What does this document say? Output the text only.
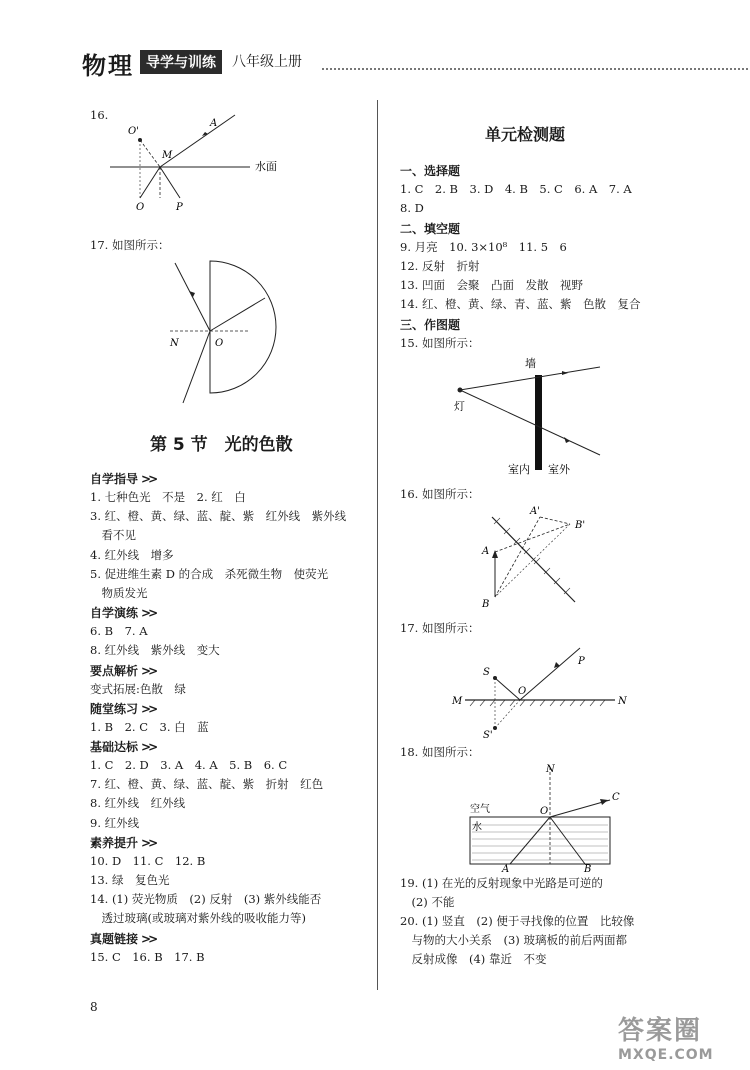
物理 导学与训练	八年级上册
16.
O'
A
M
水面
O	P
17. 如图所示：
N	O
第 5 节　光的色散
自学指导 >>
1. 七种色光　不是　2. 红　白
3. 红、橙、黄、绿、蓝、靛、紫　红外线　紫外线
　看不见
4. 红外线　增多
5. 促进维生素 D 的合成　杀死微生物　使荧光
　物质发光
自学演练 >>
6. B　7. A
8. 红外线　紫外线　变大
要点解析 >>
变式拓展:色散　绿
随堂练习 >>
1. B　2. C　3. 白　蓝
基础达标 >>
1. C　2. D　3. A　4. A　5. B　6. C
7. 红、橙、黄、绿、蓝、靛、紫　折射　红色
8. 红外线　红外线
9. 红外线
素养提升 >>
10. D　11. C　12. B
13. 绿　复色光
14. (1) 荧光物质　(2) 反射　(3) 紫外线能否
　透过玻璃(或玻璃对紫外线的吸收能力等)
真题链接 >>
15. C　16. B　17. B
8
单元检测题
一、选择题
1. C　2. B　3. D　4. B　5. C　6. A　7. A
8. D
二、填空题
9. 月亮　10. 3×10⁸　11. 5　6
12. 反射　折射
13. 凹面　会聚　凸面　发散　视野
14. 红、橙、黄、绿、青、蓝、紫　色散　复合
三、作图题
15. 如图所示：
墙
灯
室内 室外
16. 如图所示：
A'
B'
A
B
17. 如图所示：
S
S'
O
M	N
P
18. 如图所示：
N
空气
水
O
C
A	B
19. (1) 在光的反射现象中光路是可逆的
　(2) 不能
20. (1) 竖直　(2) 便于寻找像的位置　比较像
　与物的大小关系　(3) 玻璃板的前后两面都
　反射成像　(4) 靠近　不变
答案圈
MXQE.COM
